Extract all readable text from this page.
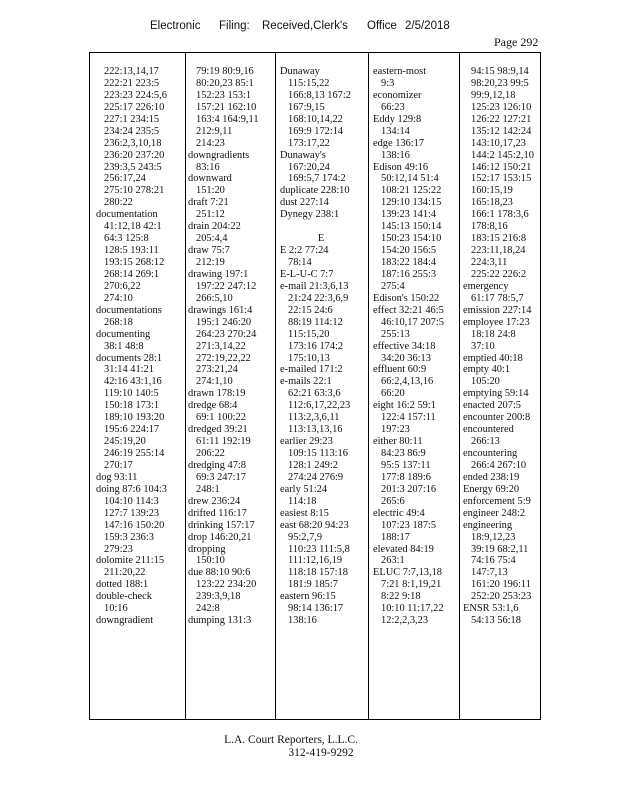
Electronic Filing: Received,Clerk's Office 2/5/2018
Page 292
222:13,14,17
222:21 223:5
223:23 224:5,6
225:17 226:10
227:1 234:15
234:24 235:5
236:2,3,10,18
236:20 237:20
239:3,5 243:5
256:17,24
275:10 278:21
280:22
documentation
41:12,18 42:1
64:3 125:8
128:5 193:11
193:15 268:12
268:14 269:1
270:6,22
274:10
documentations
268:18
documenting
38:1 48:8
documents 28:1
31:14 41:21
42:16 43:1,16
119:10 140:5
150:18 173:1
189:10 193:20
195:6 224:17
245:19,20
246:19 255:14
270:17
dog 93:11
doing 87:6 104:3
104:10 114:3
127:7 139:23
147:16 150:20
159:3 236:3
279:23
dolomite 211:15
211:20,22
dotted 188:1
double-check
10:16
downgradient
79:19 80:9,16
80:20,23 85:1
152:23 153:1
157:21 162:10
163:4 164:9,11
212:9,11
214:23
downgradients
83:16
downward
151:20
draft 7:21
251:12
drain 204:22
205:4,4
draw 75:7
212:19
drawing 197:1
197:22 247:12
266:5,10
drawings 161:4
195:1 246:20
264:23 270:24
271:3,14,22
272:19,22,22
273:21,24
274:1,10
drawn 178:19
dredge 68:4
69:1 100:22
dredged 39:21
61:11 192:19
206:22
dredging 47:8
69:3 247:17
248:1
drew 236:24
drifted 116:17
drinking 157:17
drop 146:20,21
dropping
150:10
due 88:10 90:6
123:22 234:20
239:3,9,18
242:8
dumping 131:3
Dunaway
115:15,22
166:8,13 167:2
167:9,15
168:10,14,22
169:9 172:14
173:17,22
Dunaway's
167:20,24
169:5,7 174:2
duplicate 228:10
dust 227:14
Dynegy 238:1
E
E 2:2 77:24
78:14
E-L-U-C 7:7
e-mail 21:3,6,13
21:24 22:3,6,9
22:15 24:6
88:19 114:12
115:15,20
173:16 174:2
175:10,13
e-mailed 171:2
e-mails 22:1
62:21 63:3,6
112:6,17,22,23
113:2,3,6,11
113:13,13,16
earlier 29:23
109:15 113:16
128:1 249:2
274:24 276:9
early 51:24
114:18
easiest 8:15
east 68:20 94:23
95:2,7,9
110:23 111:5,8
111:12,16,19
118:18 157:18
181:9 185:7
eastern 96:15
98:14 136:17
138:16
eastern-most
9:3
economizer
66:23
Eddy 129:8
134:14
edge 136:17
138:16
Edison 49:16
50:12,14 51:4
108:21 125:22
129:10 134:15
139:23 141:4
145:13 150:14
150:23 154:10
154:20 156:5
183:22 184:4
187:16 255:3
275:4
Edison's 150:22
effect 32:21 46:5
46:10,17 207:5
255:13
effective 34:18
34:20 36:13
effluent 60:9
66:2,4,13,16
66:20
eight 16:2 59:1
122:4 157:11
197:23
either 80:11
84:23 86:9
95:5 137:11
177:8 189:6
201:3 207:16
265:6
electric 49:4
107:23 187:5
188:17
elevated 84:19
263:1
ELUC 7:7,13,18
7:21 8:1,19,21
8:22 9:18
10:10 11:17,22
12:2,2,3,23
94:15 98:9,14
98:20,23 99:5
99:9,12,18
125:23 126:10
126:22 127:21
135:12 142:24
143:10,17,23
144:2 145:2,10
146:12 150:21
152:17 153:15
160:15,19
165:18,23
166:1 178:3,6
178:8,16
183:15 216:8
223:11,18,24
224:3,11
225:22 226:2
emergency
61:17 78:5,7
emission 227:14
employee 17:23
18:18 24:8
37:10
emptied 40:18
empty 40:1
105:20
emptying 59:14
enacted 207:5
encounter 200:8
encountered
266:13
encountering
266:4 267:10
ended 238:19
Energy 69:20
enforcement 5:9
engineer 248:2
engineering
18:9,12,23
39:19 68:2,11
74:16 75:4
147:7,13
161:20 196:11
252:20 253:23
ENSR 53:1,6
54:13 56:18
L.A. Court Reporters, L.L.C.
312-419-9292
